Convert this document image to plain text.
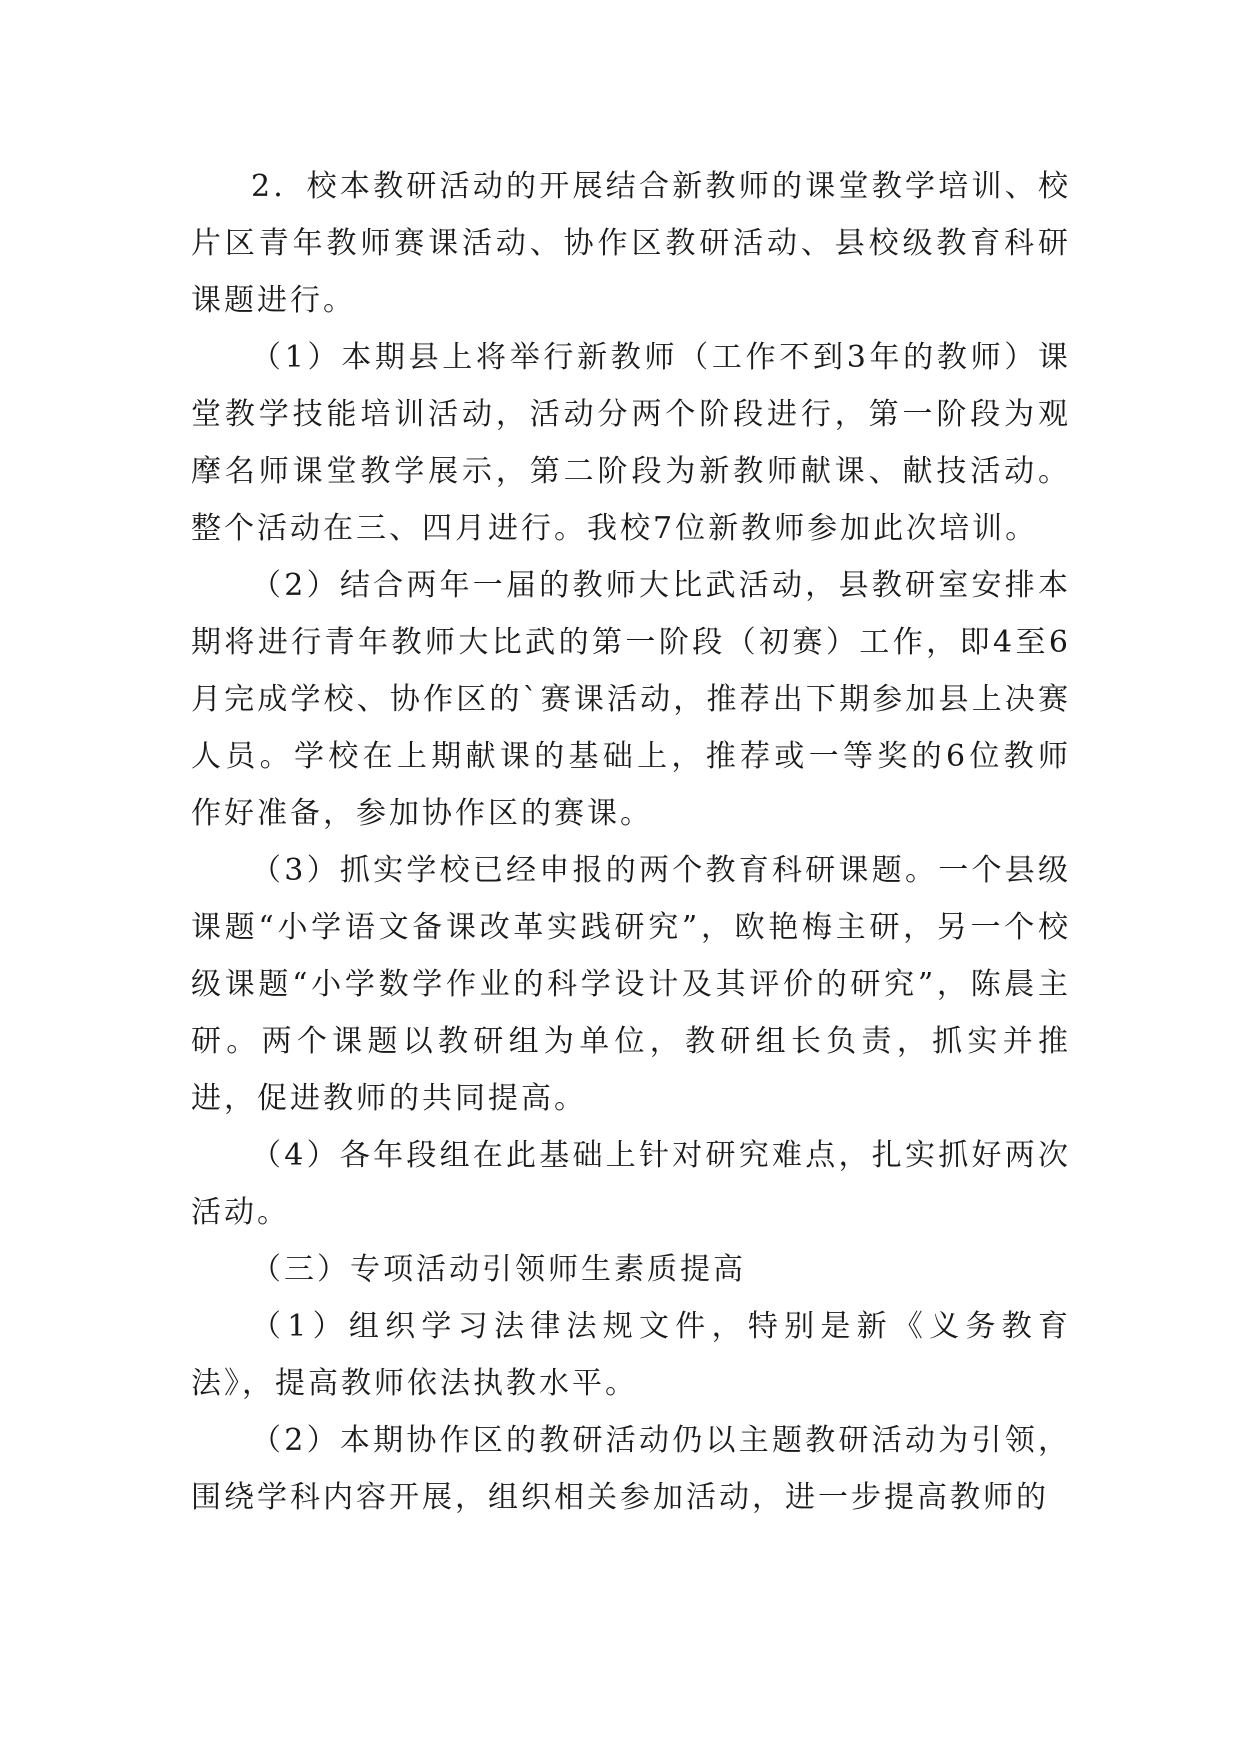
2．校本教研活动的开展结合新教师的课堂教学培训、校片区青年教师赛课活动、协作区教研活动、县校级教育科研课题进行。

（1）本期县上将举行新教师（工作不到3年的教师）课堂教学技能培训活动，活动分两个阶段进行，第一阶段为观摩名师课堂教学展示，第二阶段为新教师献课、献技活动。整个活动在三、四月进行。我校7位新教师参加此次培训。

（2）结合两年一届的教师大比武活动，县教研室安排本期将进行青年教师大比武的第一阶段（初赛）工作，即4至6月完成学校、协作区的`赛课活动，推荐出下期参加县上决赛人员。学校在上期献课的基础上，推荐或一等奖的6位教师作好准备，参加协作区的赛课。

（3）抓实学校已经申报的两个教育科研课题。一个县级课题“小学语文备课改革实践研究”，欧艳梅主研，另一个校级课题“小学数学作业的科学设计及其评价的研究”，陈晨主研。两个课题以教研组为单位，教研组长负责，抓实并推进，促进教师的共同提高。

（4）各年段组在此基础上针对研究难点，扎实抓好两次活动。

（三）专项活动引领师生素质提高

（1）组织学习法律法规文件，特别是新《义务教育法》，提高教师依法执教水平。

（2）本期协作区的教研活动仍以主题教研活动为引领，围绕学科内容开展，组织相关参加活动，进一步提高教师的
